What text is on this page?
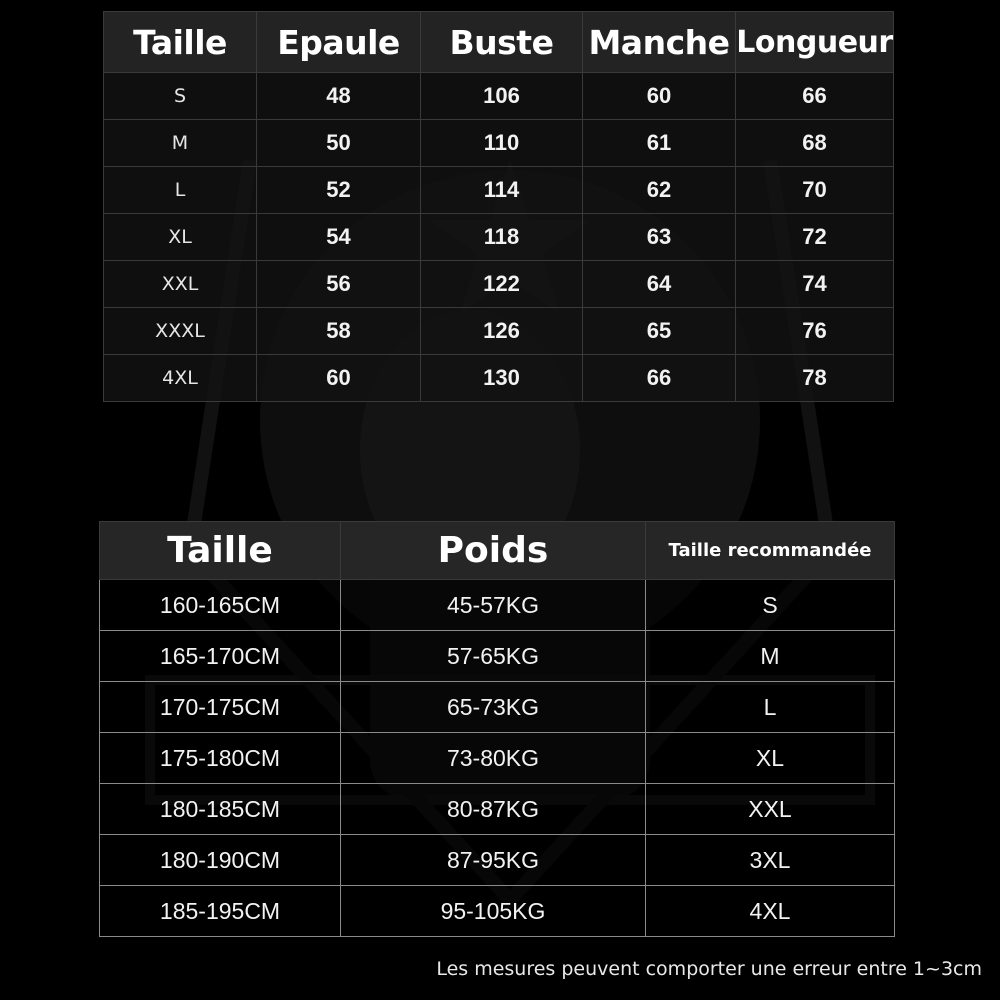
Taille	Epaule	Buste	Manche	Longueur
S	48	106	60	66
M	50	110	61	68
L	52	114	62	70
XL	54	118	63	72
XXL	56	122	64	74
XXXL	58	126	65	76
4XL	60	130	66	78
Taille	Poids	Taille recommandée
160-165CM	45-57KG	S
165-170CM	57-65KG	M
170-175CM	65-73KG	L
175-180CM	73-80KG	XL
180-185CM	80-87KG	XXL
180-190CM	87-95KG	3XL
185-195CM	95-105KG	4XL
Les mesures peuvent comporter une erreur entre 1~3cm
